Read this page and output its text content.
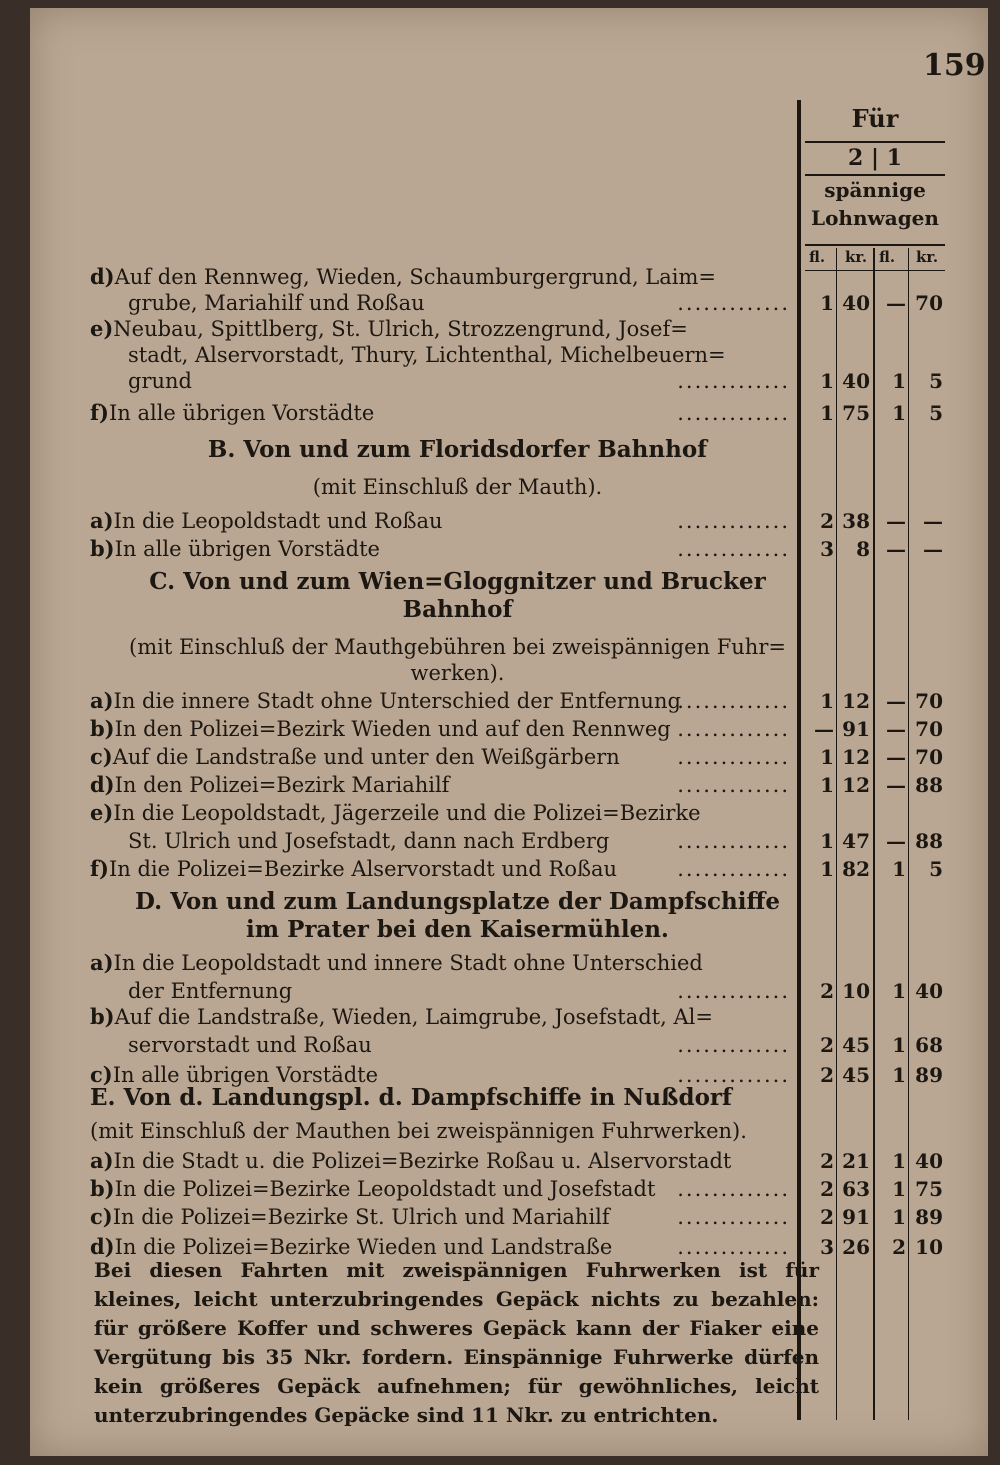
159
Für
2 | 1
spännige
Lohnwagen
fl. kr. fl. kr.
B. Von und zum Floridsdorfer Bahnhof
(mit Einschluß der Mauth).
C. Von und zum Wien=Gloggnitzer und Brucker
Bahnhof
(mit Einschluß der Mauthgebühren bei zweispännigen Fuhr=
werken).
D. Von und zum Landungsplatze der Dampfschiffe
im Prater bei den Kaisermühlen.
E. Von d. Landungspl. d. Dampfschiffe in Nußdorf
(mit Einschluß der Mauthen bei zweispännigen Fuhrwerken).
Bei diesen Fahrten mit zweispännigen Fuhrwerken ist für kleines, leicht unterzubringendes Gepäck nichts zu bezahlen: für größere Koffer und schweres Gepäck kann der Fiaker eine Vergütung bis 35 Nkr. fordern. Einspännige Fuhrwerke dürfen kein größeres Gepäck aufnehmen; für gewöhnliches, leicht unterzubringendes Gepäcke sind 11 Nkr. zu entrichten.
d)Auf den Rennweg, Wieden, Schaumburgergrund, Laim=
grube, Mariahilf und Roßau	.............	1 40 — 70
e)Neubau, Spittlberg, St. Ulrich, Strozzengrund, Josef=
stadt, Alservorstadt, Thury, Lichtenthal, Michelbeuern=
grund	.............	1 40	1	5
f)In alle übrigen Vorstädte	.............	1 75	1	5
a)In die Leopoldstadt und Roßau	.............	2 38 — —
b)In alle übrigen Vorstädte	.............	3	8 — —
a)In die innere Stadt ohne Unterschied der Entfernung
.............	1 12 — 70
b)In den Polizei=Bezirk Wieden und auf den Rennweg .............	— 91 — 70
c)Auf die Landstraße und unter den Weißgärbern	.............	1 12 — 70
d)In den Polizei=Bezirk Mariahilf	.............	1 12 — 88
e)In die Leopoldstadt, Jägerzeile und die Polizei=Bezirke
St. Ulrich und Josefstadt, dann nach Erdberg	.............	1 47 — 88
f)In die Polizei=Bezirke Alservorstadt und Roßau	.............	1 82	1	5
a)In die Leopoldstadt und innere Stadt ohne Unterschied
der Entfernung	.............	2 10	1 40
b)Auf die Landstraße, Wieden, Laimgrube, Josefstadt, Al=
servorstadt und Roßau	.............	2 45	1 68
c)In alle übrigen Vorstädte	.............	2 45	1 89
a)In die Stadt u. die Polizei=Bezirke Roßau u. Alservorstadt	2 21	1 40
b)In die Polizei=Bezirke Leopoldstadt und Josefstadt .............	2 63	1 75
c)In die Polizei=Bezirke St. Ulrich und Mariahilf	.............	2 91	1 89
d)In die Polizei=Bezirke Wieden und Landstraße	.............	3 26	2 10
